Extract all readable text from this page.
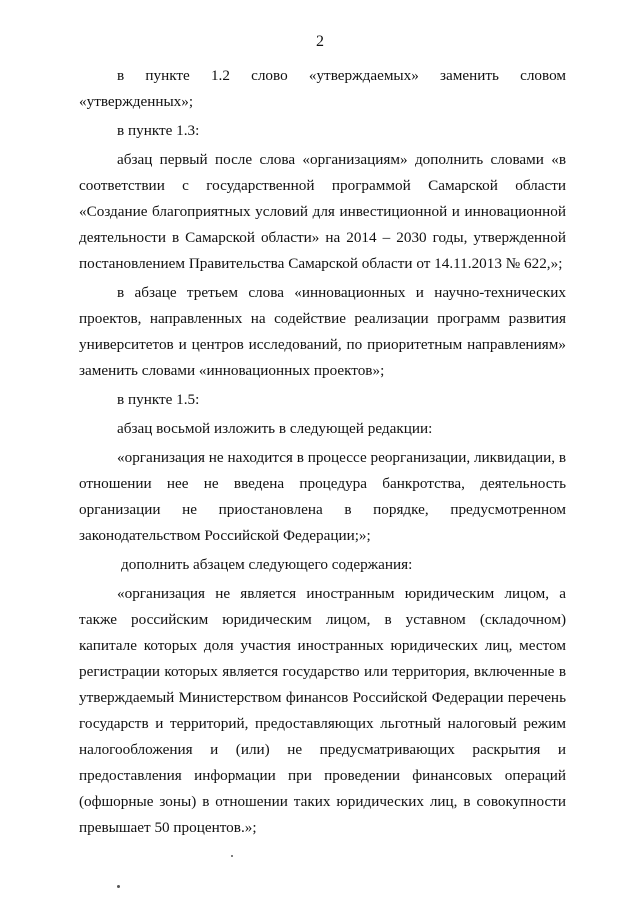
2

в пункте 1.2 слово «утверждаемых» заменить словом

«утвержденных»;

в пункте 1.3:

абзац первый после слова «организациям» дополнить словами «в соответствии с государственной программой Самарской области «Создание благоприятных условий для инвестиционной и инновационной деятельности в Самарской области» на 2014 – 2030 годы, утвержденной постановлением Правительства Самарской области от 14.11.2013 № 622,»;

в абзаце третьем слова «инновационных и научно-технических проектов, направленных на содействие реализации программ развития университетов и центров исследований, по приоритетным направлениям» заменить словами «инновационных проектов»;

в пункте 1.5:

абзац восьмой изложить в следующей редакции:

«организация не находится в процессе реорганизации, ликвидации, в отношении нее не введена процедура банкротства, деятельность организации не приостановлена в порядке, предусмотренном законодательством Российской Федерации;»;

дополнить абзацем следующего содержания:

«организация не является иностранным юридическим лицом, а также российским юридическим лицом, в уставном (складочном) капитале которых доля участия иностранных юридических лиц, местом регистрации которых является государство или территория, включенные в утверждаемый Министерством финансов Российской Федерации перечень государств и территорий, предоставляющих льготный налоговый режим налогообложения и (или) не предусматривающих раскрытия и предоставления информации при проведении финансовых операций (офшорные зоны) в отношении таких юридических лиц, в совокупности превышает 50 процентов.»;
